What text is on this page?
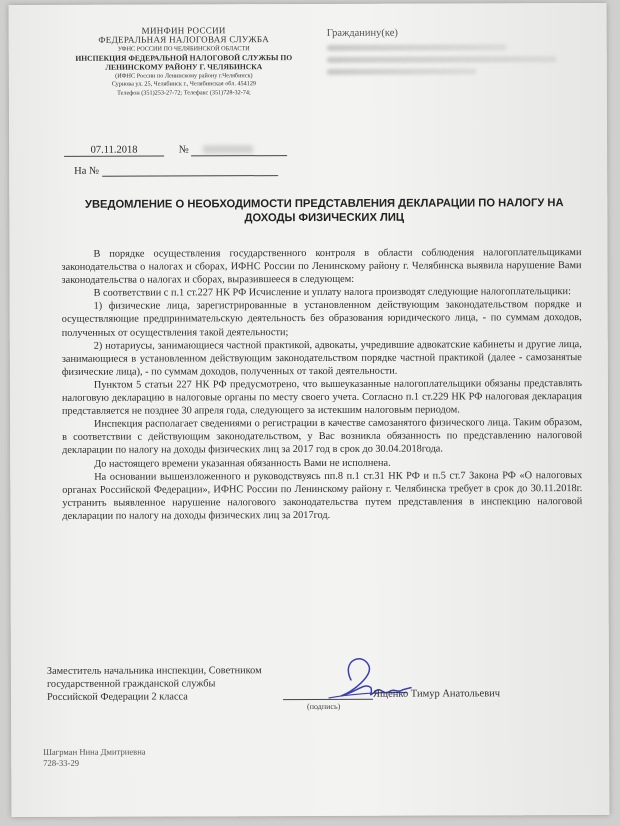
МИНФИН РОССИИ
ФЕДЕРАЛЬНАЯ НАЛОГОВАЯ СЛУЖБА
УФНС РОССИИ ПО ЧЕЛЯБИНСКОЙ ОБЛАСТИ
ИНСПЕКЦИЯ ФЕДЕРАЛЬНОЙ НАЛОГОВОЙ СЛУЖБЫ ПО ЛЕНИНСКОМУ РАЙОНУ Г. ЧЕЛЯБИНСКА
(ИФНС России по Ленинскому району г.Челябинск)
Сурнова ул. 25, Челябинск г., Челябинская обл. 454129
Телефон (351)253-27-72; Телефакс (351)728-32-74;
Гражданину(ке)
07.11.2018	№
На №
УВЕДОМЛЕНИЕ О НЕОБХОДИМОСТИ ПРЕДСТАВЛЕНИЯ ДЕКЛАРАЦИИ ПО НАЛОГУ НА ДОХОДЫ ФИЗИЧЕСКИХ ЛИЦ

В порядке осуществления государственного контроля в области соблюдения налогоплательщиками законодательства о налогах и сборах, ИФНС России по Ленинскому району г. Челябинска выявила нарушение Вами законодательства о налогах и сборах, выразившееся в следующем:

В соответствии с п.1 ст.227 НК РФ Исчисление и уплату налога производят следующие налогоплательщики:

1) физические лица, зарегистрированные в установленном действующим законодательством порядке и осуществляющие предпринимательскую деятельность без образования юридического лица, - по суммам доходов, полученных от осуществления такой деятельности;

2) нотариусы, занимающиеся частной практикой, адвокаты, учредившие адвокатские кабинеты и другие лица, занимающиеся в установленном действующим законодательством порядке частной практикой (далее - самозанятые физические лица), - по суммам доходов, полученных от такой деятельности.

Пунктом 5 статьи 227 НК РФ предусмотрено, что вышеуказанные налогоплательщики обязаны представлять налоговую декларацию в налоговые органы по месту своего учета. Согласно п.1 ст.229 НК РФ налоговая декларация представляется не позднее 30 апреля года, следующего за истекшим налоговым периодом.

Инспекция располагает сведениями о регистрации в качестве самозанятого физического лица. Таким образом, в соответствии с действующим законодательством, у Вас возникла обязанность по представлению налоговой декларации по налогу на доходы физических лиц за 2017 год в срок до 30.04.2018года.

До настоящего времени указанная обязанность Вами не исполнена.

На основании вышеизложенного и руководствуясь пп.8 п.1 ст.31 НК РФ и п.5 ст.7 Закона РФ «О налоговых органах Российской Федерации», ИФНС России по Ленинскому району г. Челябинска требует в срок до 30.11.2018г. устранить выявленное нарушение налогового законодательства путем представления в инспекцию налоговой декларации по налогу на доходы физических лиц за 2017год.

Заместитель начальника инспекции, Советником государственной гражданской службы Российской Федерации 2 класса
(подпись)
Ященко Тимур Анатольевич
Шагрман Нина Дмитриевна
728-33-29
